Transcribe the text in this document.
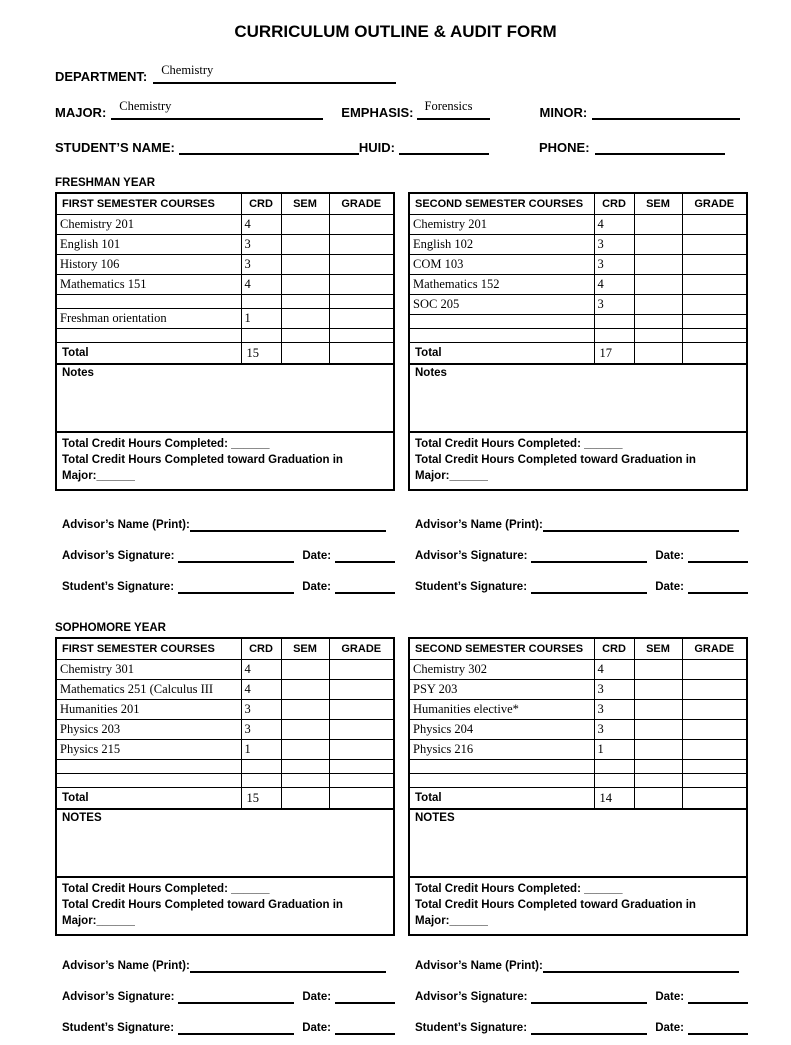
CURRICULUM OUTLINE & AUDIT FORM
DEPARTMENT: Chemistry
MAJOR: Chemistry	EMPHASIS: Forensics	MINOR:
STUDENT’S NAME:	HUID:	PHONE:
FRESHMAN YEAR
FIRST SEMESTER COURSES	CRD	SEM	GRADE
Chemistry 201	4		
English 101	3		
History 106	3		
Mathematics 151	4		

Freshman orientation	1		

Total	15		
Notes
Total Credit Hours Completed: ______
Total Credit Hours Completed toward Graduation in
Major:______
SECOND SEMESTER COURSES	CRD	SEM	GRADE
Chemistry 201	4		
English 102	3		
COM 103	3		
Mathematics 152	4		
SOC 205	3		

Total	17		
Notes
Total Credit Hours Completed: ______
Total Credit Hours Completed toward Graduation in
Major:______
Advisor’s Name (Print):
Advisor’s Signature:	Date:
Student’s Signature:	Date:
Advisor’s Name (Print):
Advisor’s Signature:	Date:
Student’s Signature:	Date:
SOPHOMORE YEAR
FIRST SEMESTER COURSES	CRD	SEM	GRADE
Chemistry 301	4		
Mathematics 251 (Calculus III	4		
Humanities 201	3		
Physics 203	3		
Physics 215	1		

Total	15		
NOTES
Total Credit Hours Completed: ______
Total Credit Hours Completed toward Graduation in
Major:______
SECOND SEMESTER COURSES	CRD	SEM	GRADE
Chemistry 302	4		
PSY 203	3		
Humanities elective*	3		
Physics 204	3		
Physics 216	1		

Total	14		
NOTES
Total Credit Hours Completed: ______
Total Credit Hours Completed toward Graduation in
Major:______
Advisor’s Name (Print):
Advisor’s Signature:	Date:
Student’s Signature:	Date:
Advisor’s Name (Print):
Advisor’s Signature:	Date:
Student’s Signature:	Date:
